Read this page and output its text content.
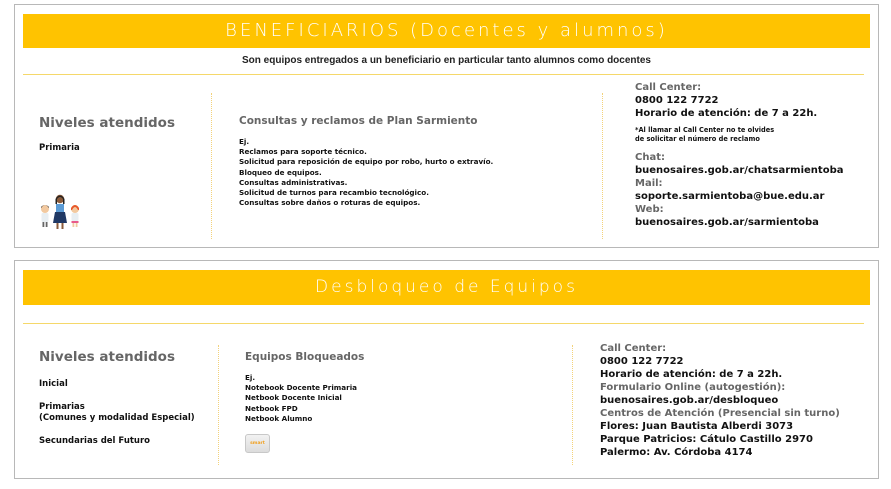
BENEFICIARIOS (Docentes y alumnos)
Son equipos entregados a un beneficiario en particular tanto alumnos como docentes
Niveles atendidos
Primaria
Consultas y reclamos de Plan Sarmiento
Ej.
Reclamos para soporte técnico.
Solicitud para reposición de equipo por robo, hurto o extravío.
Bloqueo de equipos.
Consultas administrativas.
Solicitud de turnos para recambio tecnológico.
Consultas sobre daños o roturas de equipos.
Call Center:
0800 122 7722
Horario de atención: de 7 a 22h.
*Al llamar al Call Center no te olvides
de solicitar el número de reclamo
Chat:
buenosaires.gob.ar/chatsarmientoba
Mail:
soporte.sarmientoba@bue.edu.ar
Web:
buenosaires.gob.ar/sarmientoba
Desbloqueo de Equipos
Niveles atendidos
Inicial
Primarias
(Comunes y modalidad Especial)
Secundarias del Futuro
Equipos Bloqueados
Ej.
Notebook Docente Primaria
Netbook Docente Inicial
Netbook FPD
Netbook Alumno
smart
Call Center:
0800 122 7722
Horario de atención: de 7 a 22h.
Formulario Online (autogestión):
buenosaires.gob.ar/desbloqueo
Centros de Atención (Presencial sin turno)
Flores: Juan Bautista Alberdi 3073
Parque Patricios: Cátulo Castillo 2970
Palermo: Av. Córdoba 4174
